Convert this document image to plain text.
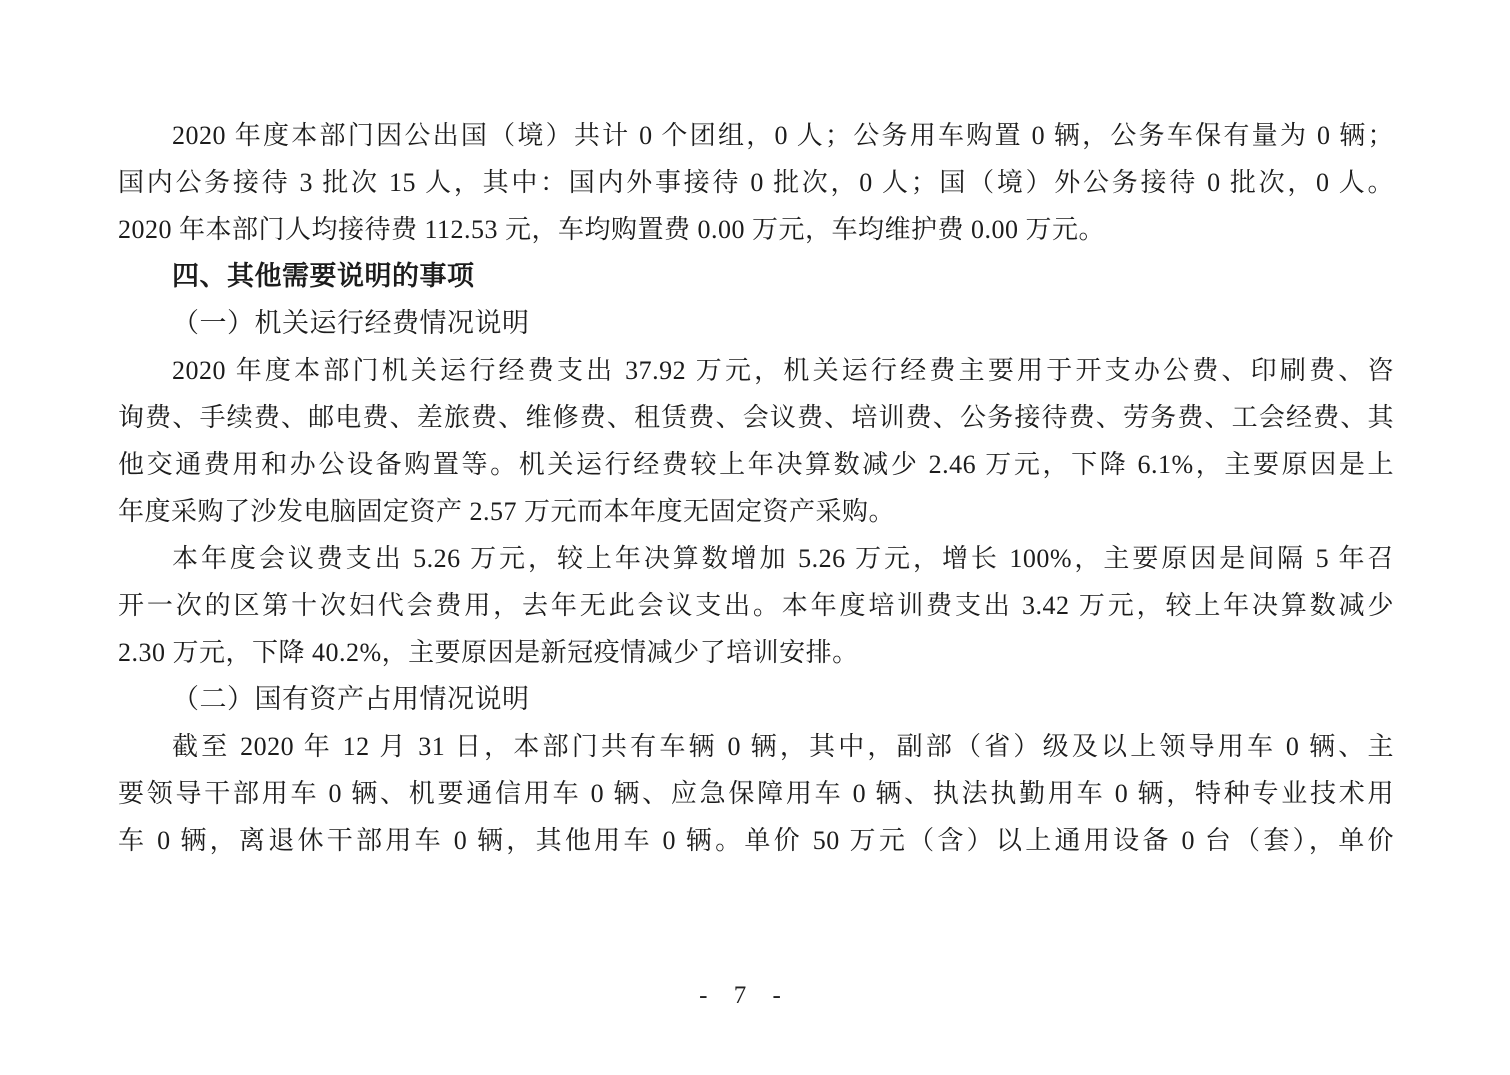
2020 年度本部门因公出国（境）共计 0 个团组，0 人；公务用车购置 0 辆，公务车保有量为 0 辆；
国内公务接待 3 批次 15 人，其中：国内外事接待 0 批次，0 人；国（境）外公务接待 0 批次，0 人。
2020 年本部门人均接待费 112.53 元，车均购置费 0.00 万元，车均维护费 0.00 万元。
四、其他需要说明的事项
（一）机关运行经费情况说明
2020 年度本部门机关运行经费支出 37.92 万元，机关运行经费主要用于开支办公费、印刷费、咨
询费、手续费、邮电费、差旅费、维修费、租赁费、会议费、培训费、公务接待费、劳务费、工会经费、其
他交通费用和办公设备购置等。机关运行经费较上年决算数减少 2.46 万元，下降 6.1%，主要原因是上
年度采购了沙发电脑固定资产 2.57 万元而本年度无固定资产采购。
本年度会议费支出 5.26 万元，较上年决算数增加 5.26 万元，增长 100%，主要原因是间隔 5 年召
开一次的区第十次妇代会费用，去年无此会议支出。本年度培训费支出 3.42 万元，较上年决算数减少
2.30 万元，下降 40.2%，主要原因是新冠疫情减少了培训安排。
（二）国有资产占用情况说明
截至 2020 年 12 月 31 日，本部门共有车辆 0 辆，其中，副部（省）级及以上领导用车 0 辆、主
要领导干部用车 0 辆、机要通信用车 0 辆、应急保障用车 0 辆、执法执勤用车 0 辆，特种专业技术用
车 0 辆，离退休干部用车 0 辆，其他用车 0 辆。单价 50 万元（含）以上通用设备 0 台（套），单价
- 7 -
